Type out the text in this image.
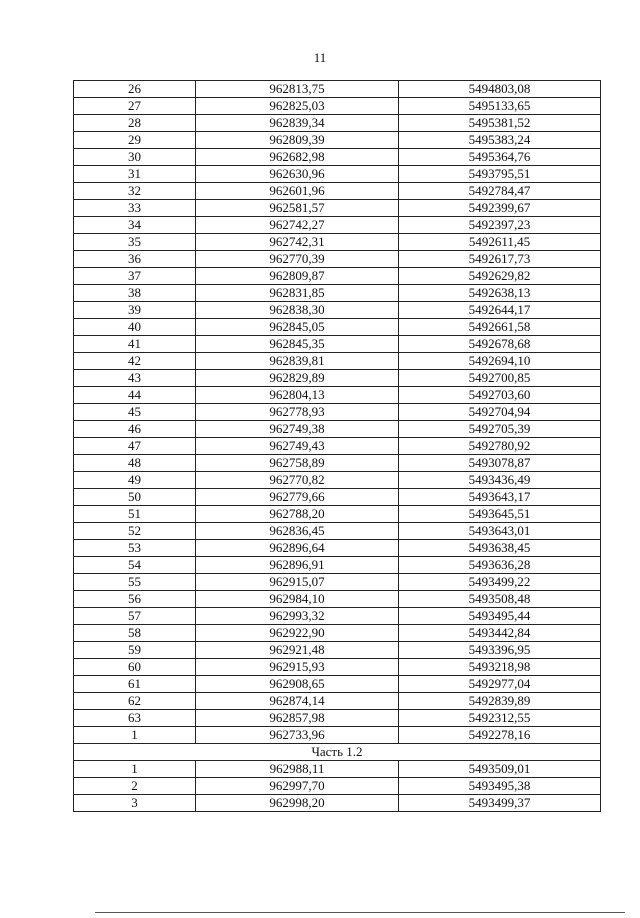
11
26	962813,75	5494803,08
27	962825,03	5495133,65
28	962839,34	5495381,52
29	962809,39	5495383,24
30	962682,98	5495364,76
31	962630,96	5493795,51
32	962601,96	5492784,47
33	962581,57	5492399,67
34	962742,27	5492397,23
35	962742,31	5492611,45
36	962770,39	5492617,73
37	962809,87	5492629,82
38	962831,85	5492638,13
39	962838,30	5492644,17
40	962845,05	5492661,58
41	962845,35	5492678,68
42	962839,81	5492694,10
43	962829,89	5492700,85
44	962804,13	5492703,60
45	962778,93	5492704,94
46	962749,38	5492705,39
47	962749,43	5492780,92
48	962758,89	5493078,87
49	962770,82	5493436,49
50	962779,66	5493643,17
51	962788,20	5493645,51
52	962836,45	5493643,01
53	962896,64	5493638,45
54	962896,91	5493636,28
55	962915,07	5493499,22
56	962984,10	5493508,48
57	962993,32	5493495,44
58	962922,90	5493442,84
59	962921,48	5493396,95
60	962915,93	5493218,98
61	962908,65	5492977,04
62	962874,14	5492839,89
63	962857,98	5492312,55
1	962733,96	5492278,16
Часть 1.2		
1	962988,11	5493509,01
2	962997,70	5493495,38
3	962998,20	5493499,37
